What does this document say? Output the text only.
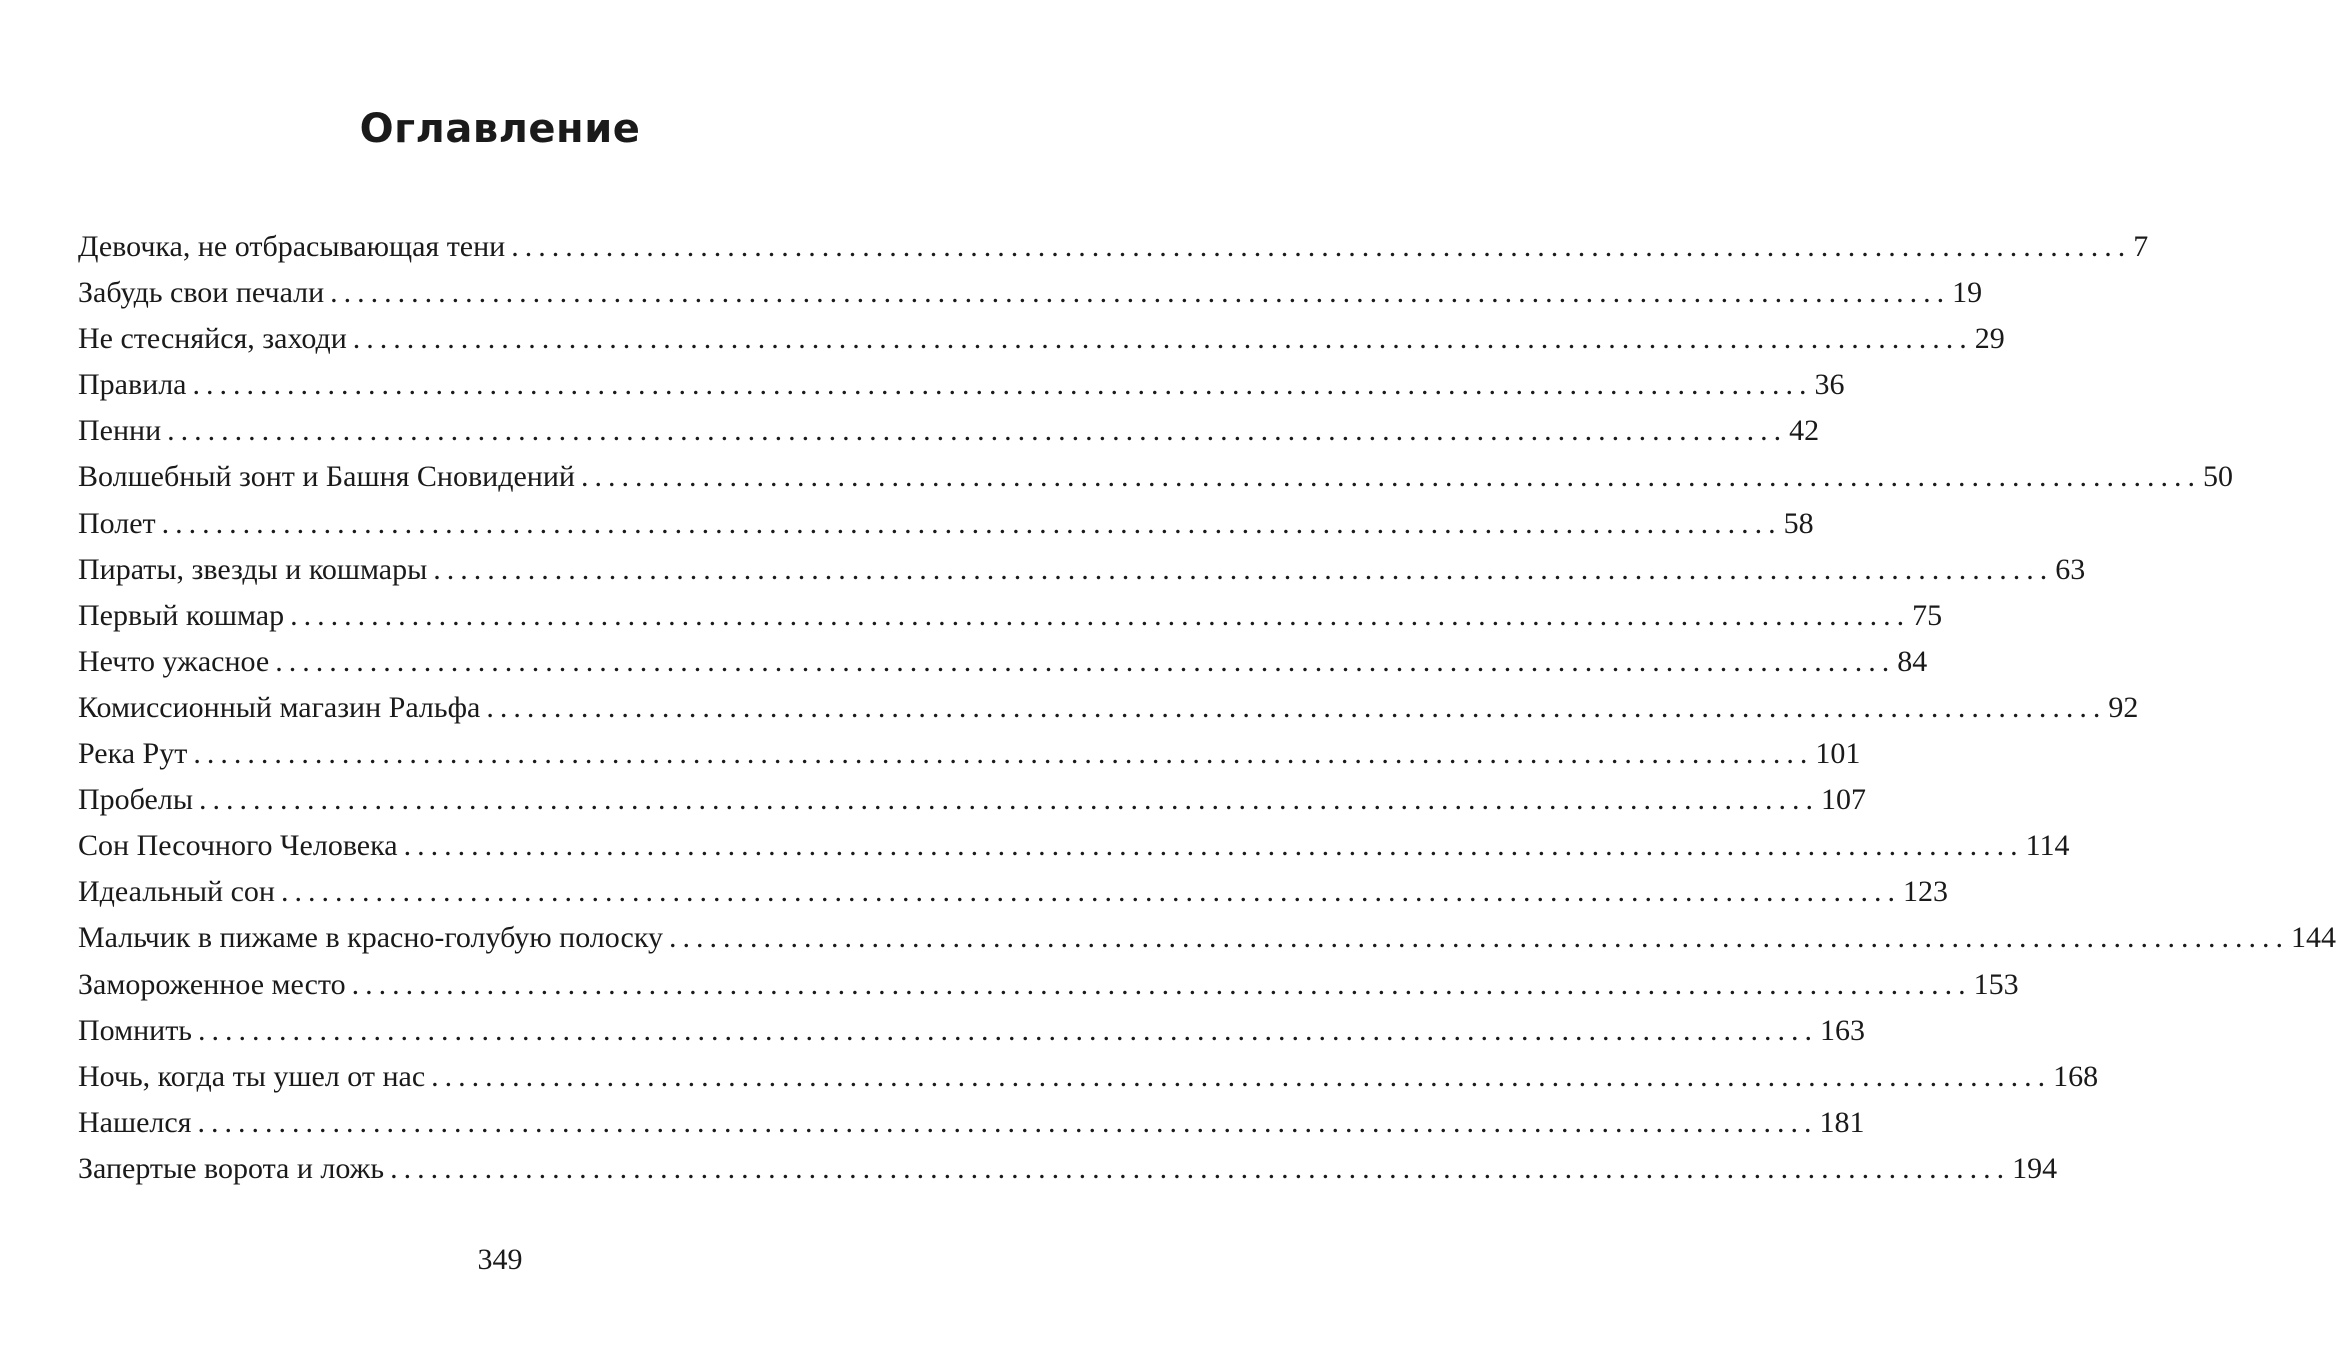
Оглавление
Девочка, не отбрасывающая тени ........................................................................................................................ 7
Забудь свои печали ........................................................................................................................ 19
Не стесняйся, заходи ........................................................................................................................ 29
Правила ........................................................................................................................ 36
Пенни ........................................................................................................................ 42
Волшебный зонт и Башня Сновидений ........................................................................................................................ 50
Полет ........................................................................................................................ 58
Пираты, звезды и кошмары ........................................................................................................................ 63
Первый кошмар ........................................................................................................................ 75
Нечто ужасное ........................................................................................................................ 84
Комиссионный магазин Ральфа ........................................................................................................................ 92
Река Рут ........................................................................................................................ 101
Пробелы ........................................................................................................................ 107
Сон Песочного Человека ........................................................................................................................ 114
Идеальный сон ........................................................................................................................ 123
Мальчик в пижаме в красно-голубую полоску ........................................................................................................................ 144
Замороженное место ........................................................................................................................ 153
Помнить ........................................................................................................................ 163
Ночь, когда ты ушел от нас ........................................................................................................................ 168
Нашелся ........................................................................................................................ 181
Запертые ворота и ложь ........................................................................................................................ 194
349
